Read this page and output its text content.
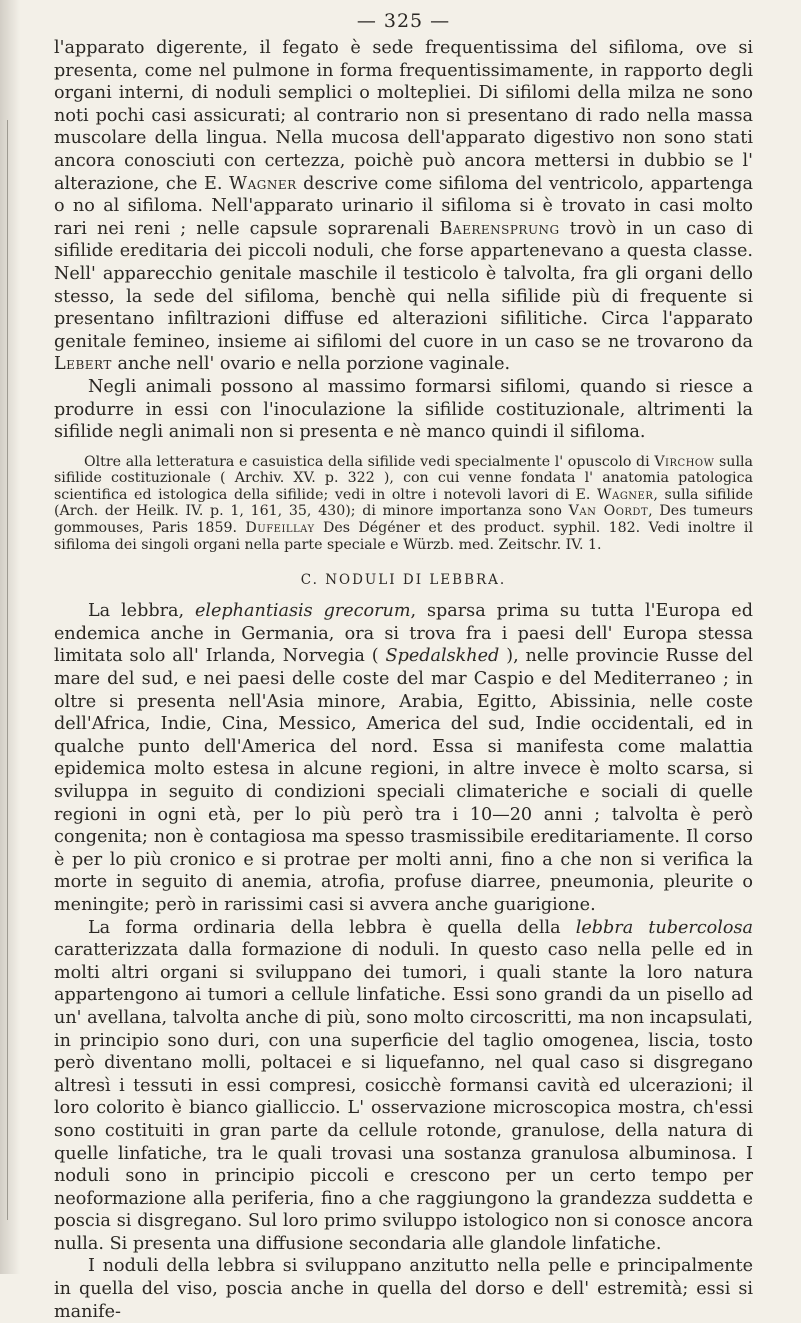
— 325 —

l'apparato digerente, il fegato è sede frequentissima del sifiloma, ove si presenta, come nel pulmone in forma frequentissimamente, in rapporto degli organi interni, di noduli semplici o moltepliei. Di sifilomi della milza ne sono noti pochi casi assicurati; al contrario non si presentano di rado nella massa muscolare della lingua. Nella mucosa dell'apparato digestivo non sono stati ancora conosciuti con certezza, poichè può ancora mettersi in dubbio se l' alterazione, che E. Wagner descrive come sifiloma del ventricolo, appartenga o no al sifiloma. Nell'apparato urinario il sifiloma si è trovato in casi molto rari nei reni ; nelle capsule soprarenali Baerensprung trovò in un caso di sifilide ereditaria dei piccoli noduli, che forse appartenevano a questa classe. Nell' apparecchio genitale maschile il testicolo è talvolta, fra gli organi dello stesso, la sede del sifiloma, benchè qui nella sifilide più di frequente si presentano infiltrazioni diffuse ed alterazioni sifilitiche. Circa l'apparato genitale femineo, insieme ai sifilomi del cuore in un caso se ne trovarono da Lebert anche nell' ovario e nella porzione vaginale.

Negli animali possono al massimo formarsi sifilomi, quando si riesce a produrre in essi con l'inoculazione la sifilide costituzionale, altrimenti la sifilide negli animali non si presenta e nè manco quindi il sifiloma.

Oltre alla letteratura e casuistica della sifilide vedi specialmente l' opuscolo di Virchow sulla sifilide costituzionale ( Archiv. XV. p. 322 ), con cui venne fondata l' anatomia patologica scientifica ed istologica della sifilide; vedi in oltre i notevoli lavori di E. Wagner, sulla sifilide (Arch. der Heilk. IV. p. 1, 161, 35, 430); di minore importanza sono Van Oordt, Des tumeurs gommouses, Paris 1859. Dufeillay Des Dégéner et des product. syphil. 182. Vedi inoltre il sifiloma dei singoli organi nella parte speciale e Würzb. med. Zeitschr. IV. 1.

C. NODULI DI LEBBRA.

La lebbra, elephantiasis grecorum, sparsa prima su tutta l'Europa ed endemica anche in Germania, ora si trova fra i paesi dell' Europa stessa limitata solo all' Irlanda, Norvegia ( Spedalskhed ), nelle provincie Russe del mare del sud, e nei paesi delle coste del mar Caspio e del Mediterraneo ; in oltre si presenta nell'Asia minore, Arabia, Egitto, Abissinia, nelle coste dell'Africa, Indie, Cina, Messico, America del sud, Indie occidentali, ed in qualche punto dell'America del nord. Essa si manifesta come malattia epidemica molto estesa in alcune regioni, in altre invece è molto scarsa, si sviluppa in seguito di condizioni speciali climateriche e sociali di quelle regioni in ogni età, per lo più però tra i 10—20 anni ; talvolta è però congenita; non è contagiosa ma spesso trasmissibile ereditariamente. Il corso è per lo più cronico e si protrae per molti anni, fino a che non si verifica la morte in seguito di anemia, atrofia, profuse diarree, pneumonia, pleurite o meningite; però in rarissimi casi si avvera anche guarigione.

La forma ordinaria della lebbra è quella della lebbra tubercolosa caratterizzata dalla formazione di noduli. In questo caso nella pelle ed in molti altri organi si sviluppano dei tumori, i quali stante la loro natura appartengono ai tumori a cellule linfatiche. Essi sono grandi da un pisello ad un' avellana, talvolta anche di più, sono molto circoscritti, ma non incapsulati, in principio sono duri, con una superficie del taglio omogenea, liscia, tosto però diventano molli, poltacei e si liquefanno, nel qual caso si disgregano altresì i tessuti in essi compresi, cosicchè formansi cavità ed ulcerazioni; il loro colorito è bianco gialliccio. L' osservazione microscopica mostra, ch'essi sono costituiti in gran parte da cellule rotonde, granulose, della natura di quelle linfatiche, tra le quali trovasi una sostanza granulosa albuminosa. I noduli sono in principio piccoli e crescono per un certo tempo per neoformazione alla periferia, fino a che raggiungono la grandezza suddetta e poscia si disgregano. Sul loro primo sviluppo istologico non si conosce ancora nulla. Si presenta una diffusione secondaria alle glandole linfatiche.

I noduli della lebbra si sviluppano anzitutto nella pelle e principalmente in quella del viso, poscia anche in quella del dorso e dell' estremità; essi si manife-
